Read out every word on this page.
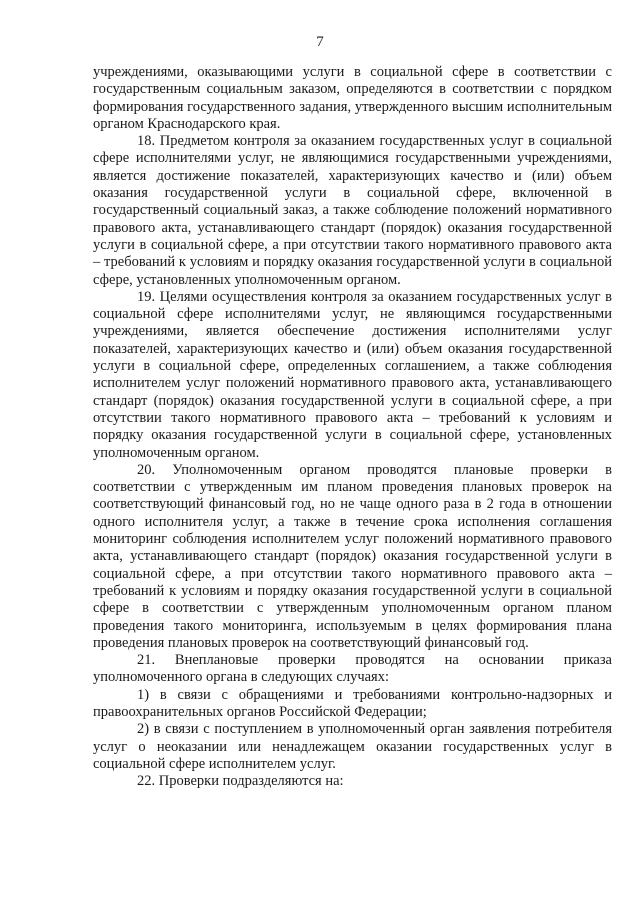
7

учреждениями, оказывающими услуги в социальной сфере в соответствии с государственным социальным заказом, определяются в соответствии с порядком формирования государственного задания, утвержденного высшим исполнительным органом Краснодарского края.

18. Предметом контроля за оказанием государственных услуг в социальной сфере исполнителями услуг, не являющимися государственными учреждениями, является достижение показателей, характеризующих качество и (или) объем оказания государственной услуги в социальной сфере, включенной в государственный социальный заказ, а также соблюдение положений нормативного правового акта, устанавливающего стандарт (порядок) оказания государственной услуги в социальной сфере, а при отсутствии такого нормативного правового акта – требований к условиям и порядку оказания государственной услуги в социальной сфере, установленных уполномоченным органом.

19. Целями осуществления контроля за оказанием государственных услуг в социальной сфере исполнителями услуг, не являющимся государственными учреждениями, является обеспечение достижения исполнителями услуг показателей, характеризующих качество и (или) объем оказания государственной услуги в социальной сфере, определенных соглашением, а также соблюдения исполнителем услуг положений нормативного правового акта, устанавливающего стандарт (порядок) оказания государственной услуги в социальной сфере, а при отсутствии такого нормативного правового акта – требований к условиям и порядку оказания государственной услуги в социальной сфере, установленных уполномоченным органом.

20. Уполномоченным органом проводятся плановые проверки в соответствии с утвержденным им планом проведения плановых проверок на соответствующий финансовый год, но не чаще одного раза в 2 года в отношении одного исполнителя услуг, а также в течение срока исполнения соглашения мониторинг соблюдения исполнителем услуг положений нормативного правового акта, устанавливающего стандарт (порядок) оказания государственной услуги в социальной сфере, а при отсутствии такого нормативного правового акта – требований к условиям и порядку оказания государственной услуги в социальной сфере в соответствии с утвержденным уполномоченным органом планом проведения такого мониторинга, используемым в целях формирования плана проведения плановых проверок на соответствующий финансовый год.

21. Внеплановые проверки проводятся на основании приказа уполномоченного органа в следующих случаях:

1) в связи с обращениями и требованиями контрольно-надзорных и правоохранительных органов Российской Федерации;

2) в связи с поступлением в уполномоченный орган заявления потребителя услуг о неоказании или ненадлежащем оказании государственных услуг в социальной сфере исполнителем услуг.

22. Проверки подразделяются на:
